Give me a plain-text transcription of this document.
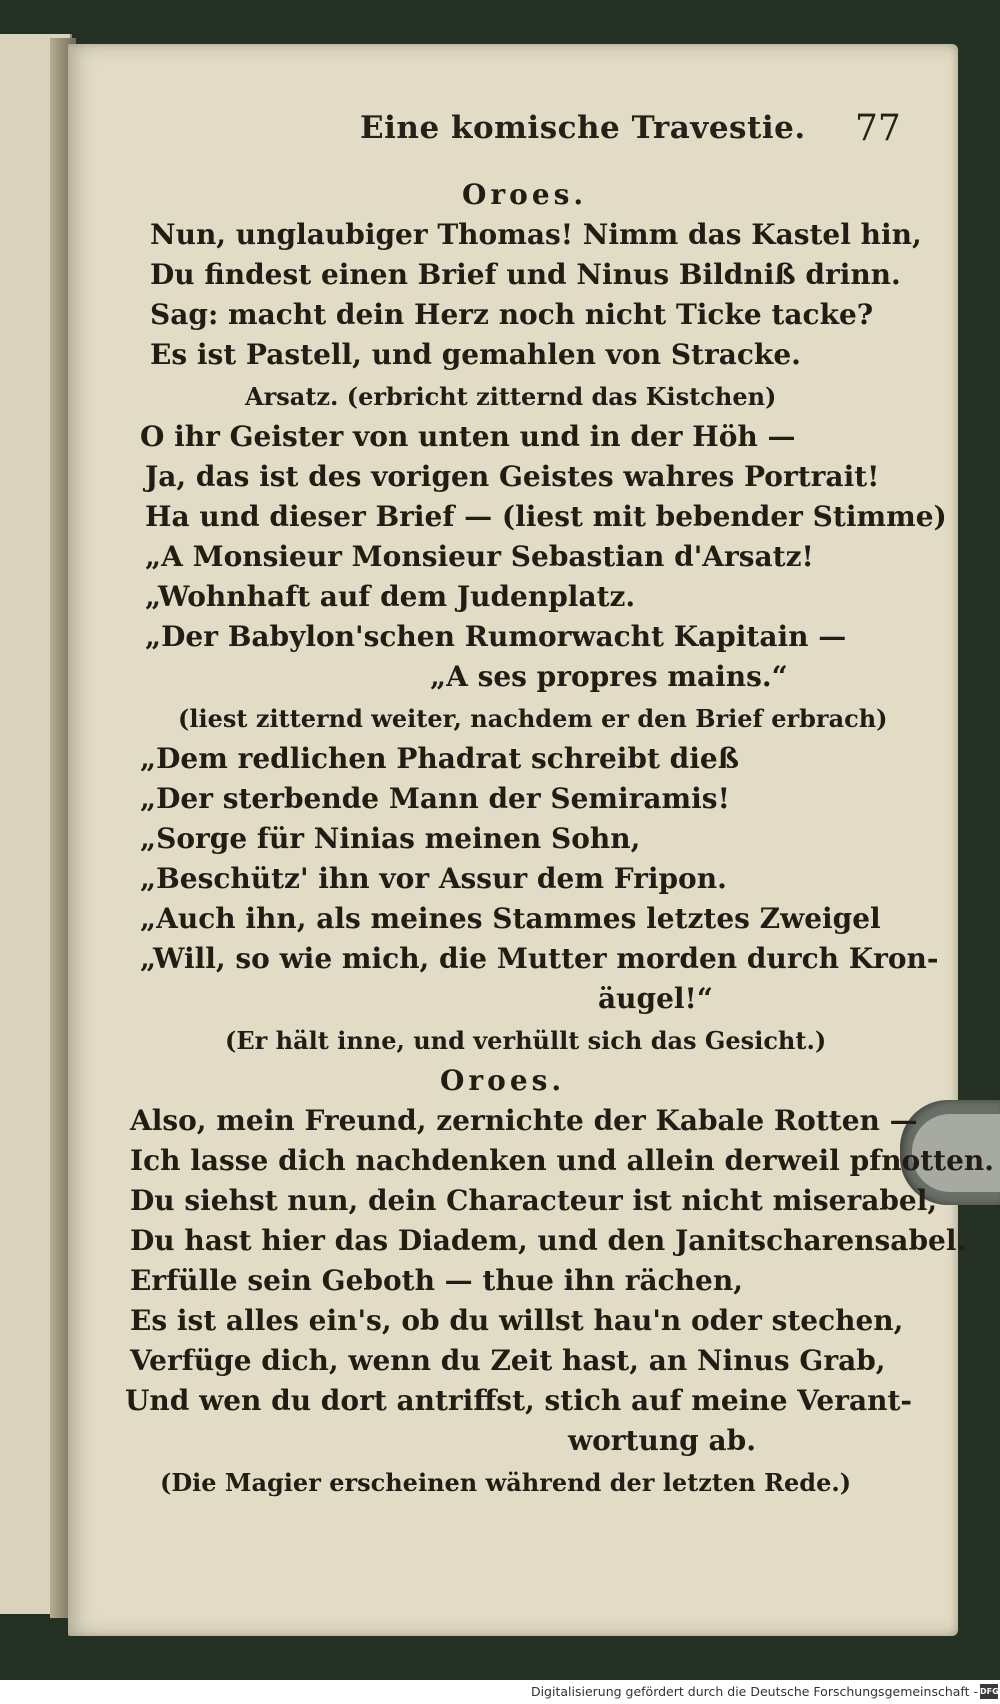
Eine komische Travestie. 77
Oroes.
Nun, unglaubiger Thomas! Nimm das Kastel hin,
Du findest einen Brief und Ninus Bildniß drinn.
Sag: macht dein Herz noch nicht Ticke tacke?
Es ist Pastell, und gemahlen von Stracke.
Arsatz. (erbricht zitternd das Kistchen)
O ihr Geister von unten und in der Höh —
Ja, das ist des vorigen Geistes wahres Portrait!
Ha und dieser Brief — (liest mit bebender Stimme)
„A Monsieur Monsieur Sebastian d'Arsatz!
„Wohnhaft auf dem Judenplatz.
„Der Babylon'schen Rumorwacht Kapitain —
„A ses propres mains.“
(liest zitternd weiter, nachdem er den Brief erbrach)
„Dem redlichen Phadrat schreibt dieß
„Der sterbende Mann der Semiramis!
„Sorge für Ninias meinen Sohn,
„Beschütz' ihn vor Assur dem Fripon.
„Auch ihn, als meines Stammes letztes Zweigel
„Will, so wie mich, die Mutter morden durch Kron-
äugel!“
(Er hält inne, und verhüllt sich das Gesicht.)
Oroes.
Also, mein Freund, zernichte der Kabale Rotten —
Ich lasse dich nachdenken und allein derweil pfnotten.
Du siehst nun, dein Characteur ist nicht miserabel,
Du hast hier das Diadem, und den Janitscharensabel.
Erfülle sein Geboth — thue ihn rächen,
Es ist alles ein's, ob du willst hau'n oder stechen,
Verfüge dich, wenn du Zeit hast, an Ninus Grab,
Und wen du dort antriffst, stich auf meine Verant-
wortung ab.
(Die Magier erscheinen während der letzten Rede.)
Digitalisierung gefördert durch die Deutsche Forschungsgemeinschaft - DFG
